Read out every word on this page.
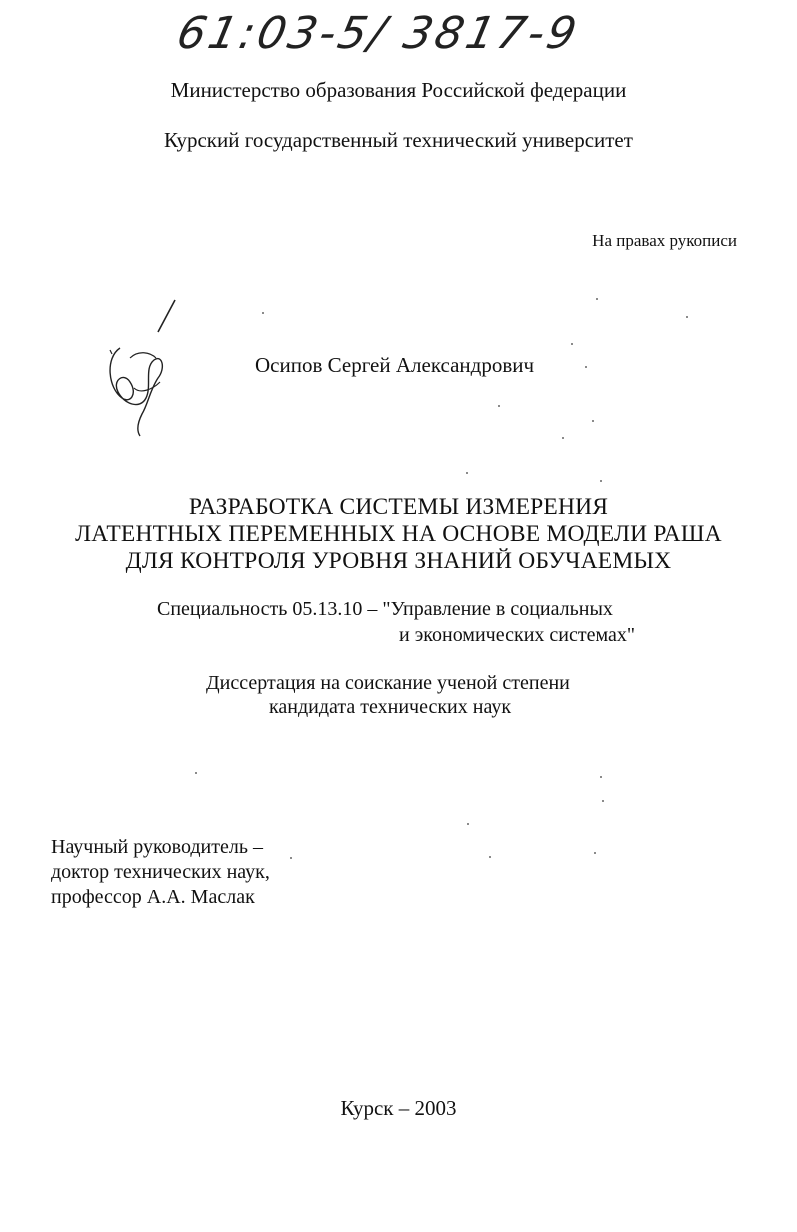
61:03-5/ 3817-9
Министерство образования Российской федерации
Курский государственный технический университет
На правах рукописи
Осипов Сергей Александрович
РАЗРАБОТКА СИСТЕМЫ ИЗМЕРЕНИЯ
ЛАТЕНТНЫХ ПЕРЕМЕННЫХ НА ОСНОВЕ МОДЕЛИ РАША
ДЛЯ КОНТРОЛЯ УРОВНЯ ЗНАНИЙ ОБУЧАЕМЫХ
Специальность 05.13.10 – "Управление в социальных
и экономических системах"
Диссертация на соискание ученой степени
кандидата технических наук
Научный руководитель –
доктор технических наук,
профессор А.А. Маслак
Курск – 2003
